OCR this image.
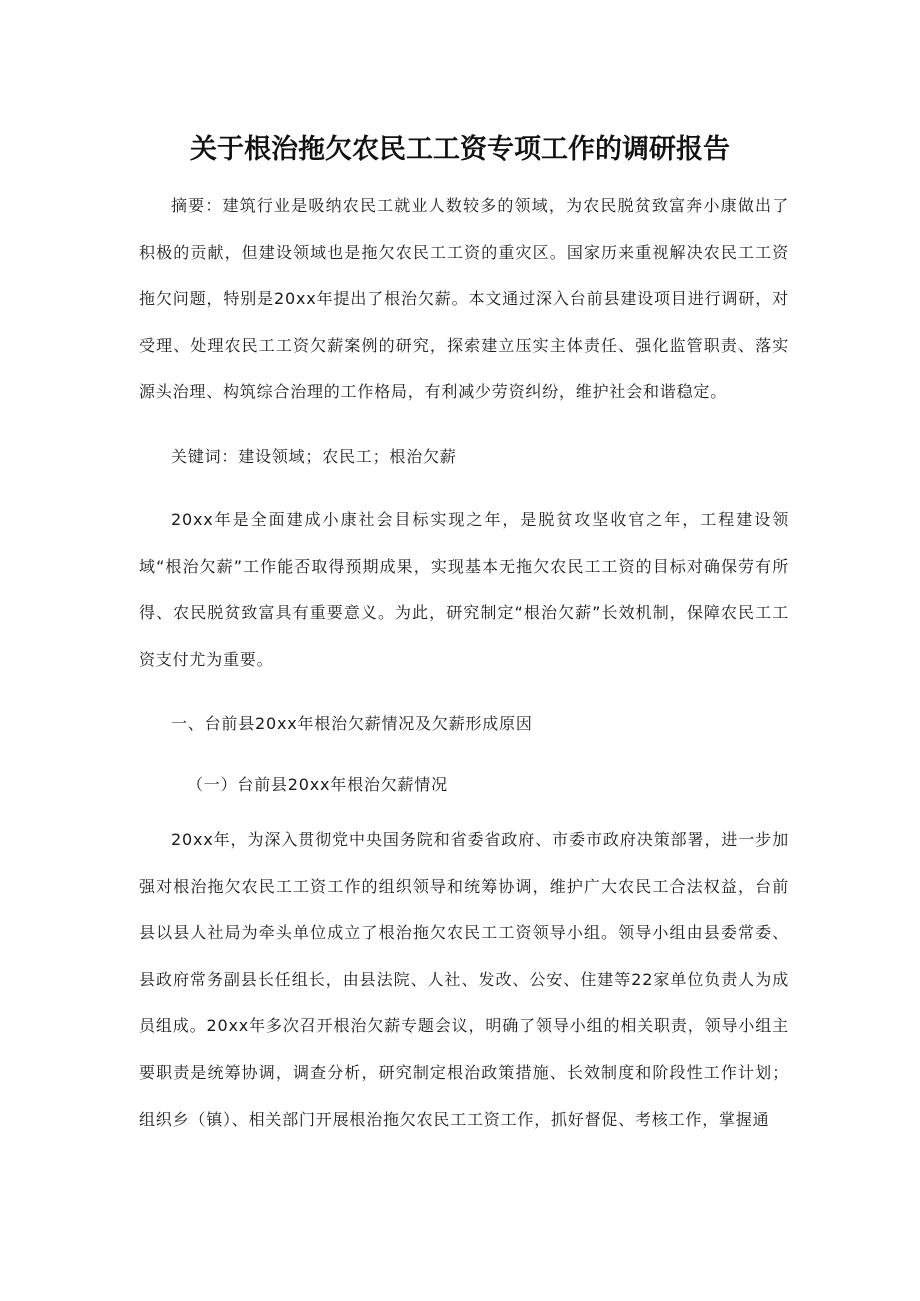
关于根治拖欠农民工工资专项工作的调研报告

摘要：建筑行业是吸纳农民工就业人数较多的领域，为农民脱贫致富奔小康做出了积极的贡献，但建设领域也是拖欠农民工工资的重灾区。国家历来重视解决农民工工资拖欠问题，特别是20xx年提出了根治欠薪。本文通过深入台前县建设项目进行调研，对受理、处理农民工工资欠薪案例的研究，探索建立压实主体责任、强化监管职责、落实源头治理、构筑综合治理的工作格局，有利减少劳资纠纷，维护社会和谐稳定。

关键词：建设领域；农民工；根治欠薪

20xx年是全面建成小康社会目标实现之年，是脱贫攻坚收官之年，工程建设领域“根治欠薪”工作能否取得预期成果，实现基本无拖欠农民工工资的目标对确保劳有所得、农民脱贫致富具有重要意义。为此，研究制定“根治欠薪”长效机制，保障农民工工资支付尤为重要。

一、台前县20xx年根治欠薪情况及欠薪形成原因

（一）台前县20xx年根治欠薪情况

20xx年，为深入贯彻党中央国务院和省委省政府、市委市政府决策部署，进一步加强对根治拖欠农民工工资工作的组织领导和统筹协调，维护广大农民工合法权益，台前县以县人社局为牵头单位成立了根治拖欠农民工工资领导小组。领导小组由县委常委、县政府常务副县长任组长，由县法院、人社、发改、公安、住建等22家单位负责人为成员组成。20xx年多次召开根治欠薪专题会议，明确了领导小组的相关职责，领导小组主要职责是统筹协调，调查分析，研究制定根治政策措施、长效制度和阶段性工作计划；组织乡（镇）、相关部门开展根治拖欠农民工工资工作，抓好督促、考核工作，掌握通
